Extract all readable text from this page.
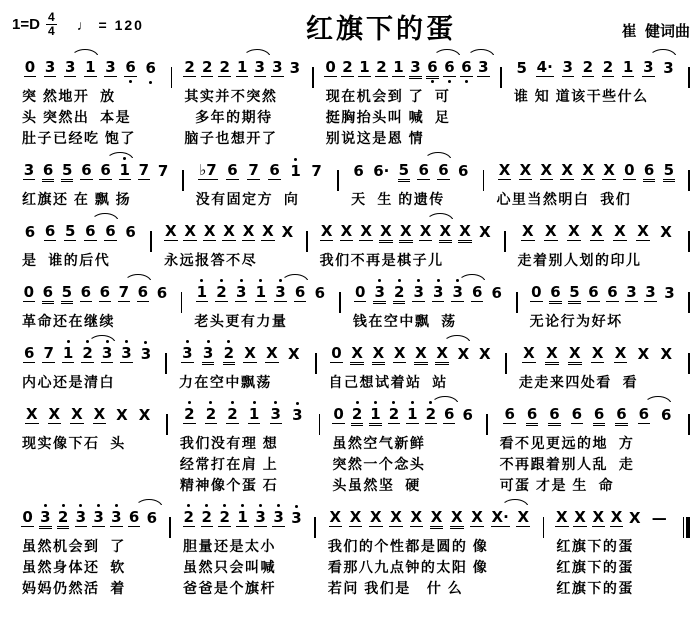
$1=D \frac{4}{4}$ ♩ = 120	红旗下的蛋	崔  健词曲
0 3 3 1 3 6 6
突 然地开  放
头 突然出  本是
肚子已经吃 饱了
2 2 2 1 3 3 3
其实并不突然
多年的期待
脑子也想开了
0 2 1 2 1 3 6 6 6 3
现在机会到 了  可
挺胸抬头叫 喊  足
别说这是恩 情
5 4· 3 2 2 1 3 3
谁 知 道该干些什么
3 6 5 6 6 1 7 7
红旗还 在 飘 扬
♭7 6 7 6 1 7
没有固定方  向
6 6· 5 6 6 6
天  生 的遗传
X X X X X X 0 6 5
心里当然明白  我们
6 6 5 6 6 6
是  谁的后代
X X X X X X X
永远报答不尽
X X X X X X X X X
我们不再是棋子儿
X X X X X X X
走着别人划的印儿
0 6 5 6 6 7 6 6
革命还在继续
1 2 3 1 3 6 6
老头更有力量
0 3 2 3 3 3 6 6
钱在空中飘  荡
0 6 5 6 6 3 3 3
无论行为好坏
6 7 1 2 3 3 3
内心还是清白
3 3 2 X X X
力在空中飘荡
0 X X X X X X X
自己想试着站  站
X X X X X X X
走走来四处看  看
X X X X X X
现实像下石  头
2 2 2 1 3 3
我们没有理 想
经常打在肩 上
精神像个蛋 石
0 2 1 2 1 2 6 6
虽然空气新鲜
突然一个念头
头虽然坚  硬
6 6 6 6 6 6 6 6
看不见更远的地  方
不再跟着别人乱  走
可蛋 才是 生  命
0 3 2 3 3 3 6 6
虽然机会到  了
虽然身体还  软
妈妈仍然活  着
2 2 2 1 3 3 3
胆量还是太小
虽然只会叫喊
爸爸是个旗杆
X X X X X X X X X· X
我们的个性都是圆的 像
看那八九点钟的太阳 像
若问 我们是   什 么
X X X X X —
红旗下的蛋
红旗下的蛋
红旗下的蛋
